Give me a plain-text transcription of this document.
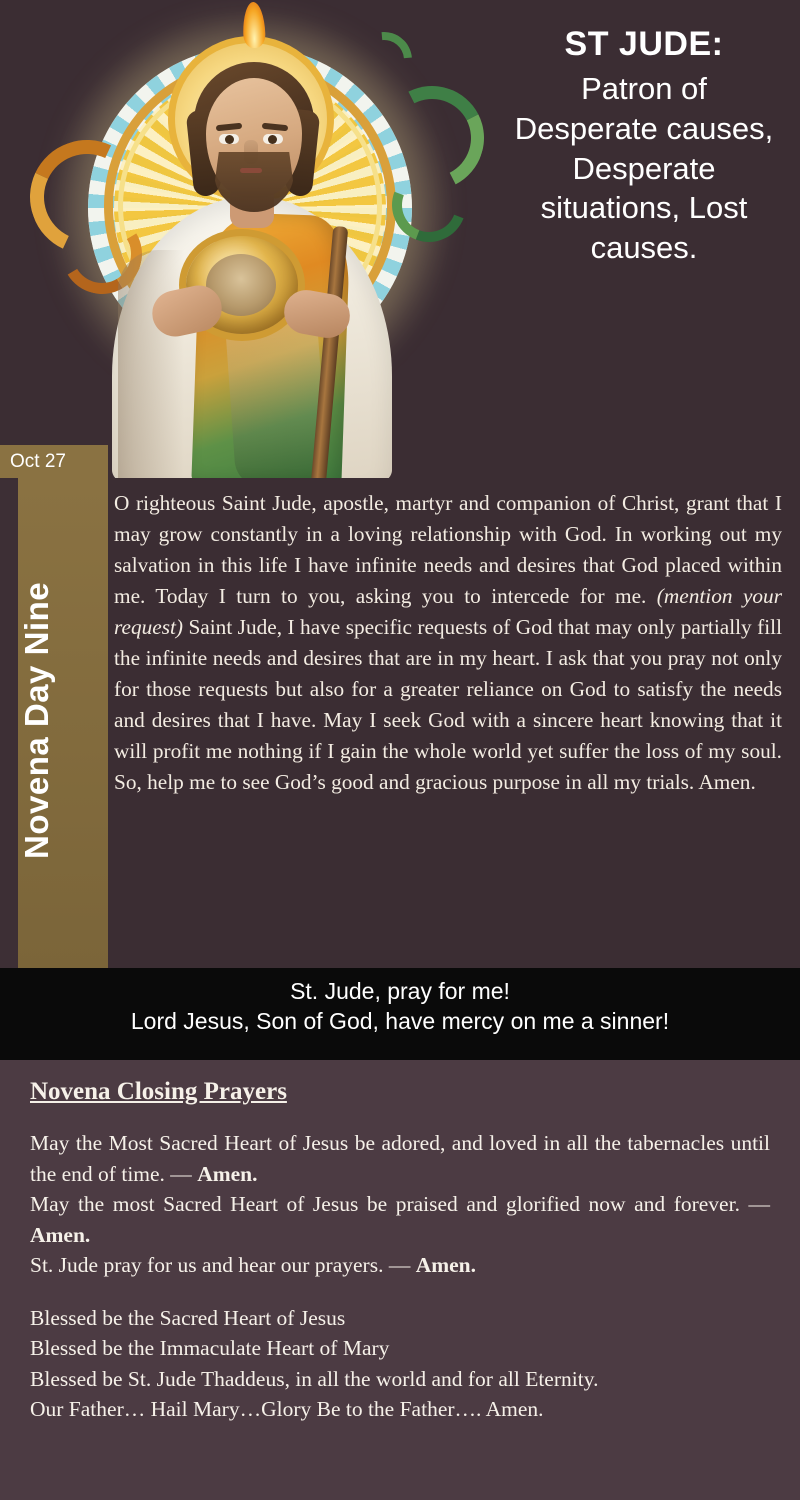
ST JUDE:
Patron of Desperate causes, Desperate situations, Lost causes.
Oct 27
Novena Day Nine

O righteous Saint Jude, apostle, martyr and companion of Christ, grant that I may grow constantly in a loving relationship with God. In working out my salvation in this life I have infinite needs and desires that God placed within me. Today I turn to you, asking you to intercede for me. (mention your request) Saint Jude, I have specific requests of God that may only partially fill the infinite needs and desires that are in my heart. I ask that you pray not only for those requests but also for a greater reliance on God to satisfy the needs and desires that I have. May I seek God with a sincere heart knowing that it will profit me nothing if I gain the whole world yet suffer the loss of my soul. So, help me to see God’s good and gracious purpose in all my trials. Amen.

St. Jude, pray for me!
Lord Jesus, Son of God, have mercy on me a sinner!
Novena Closing Prayers

May the Most Sacred Heart of Jesus be adored, and loved in all the tabernacles until the end of time. — Amen.

May the most Sacred Heart of Jesus be praised and glorified now and forever. — Amen.

St. Jude pray for us and hear our prayers. — Amen.

Blessed be the Sacred Heart of Jesus
Blessed be the Immaculate Heart of Mary
Blessed be St. Jude Thaddeus, in all the world and for all Eternity.
Our Father… Hail Mary…Glory Be to the Father…. Amen.
